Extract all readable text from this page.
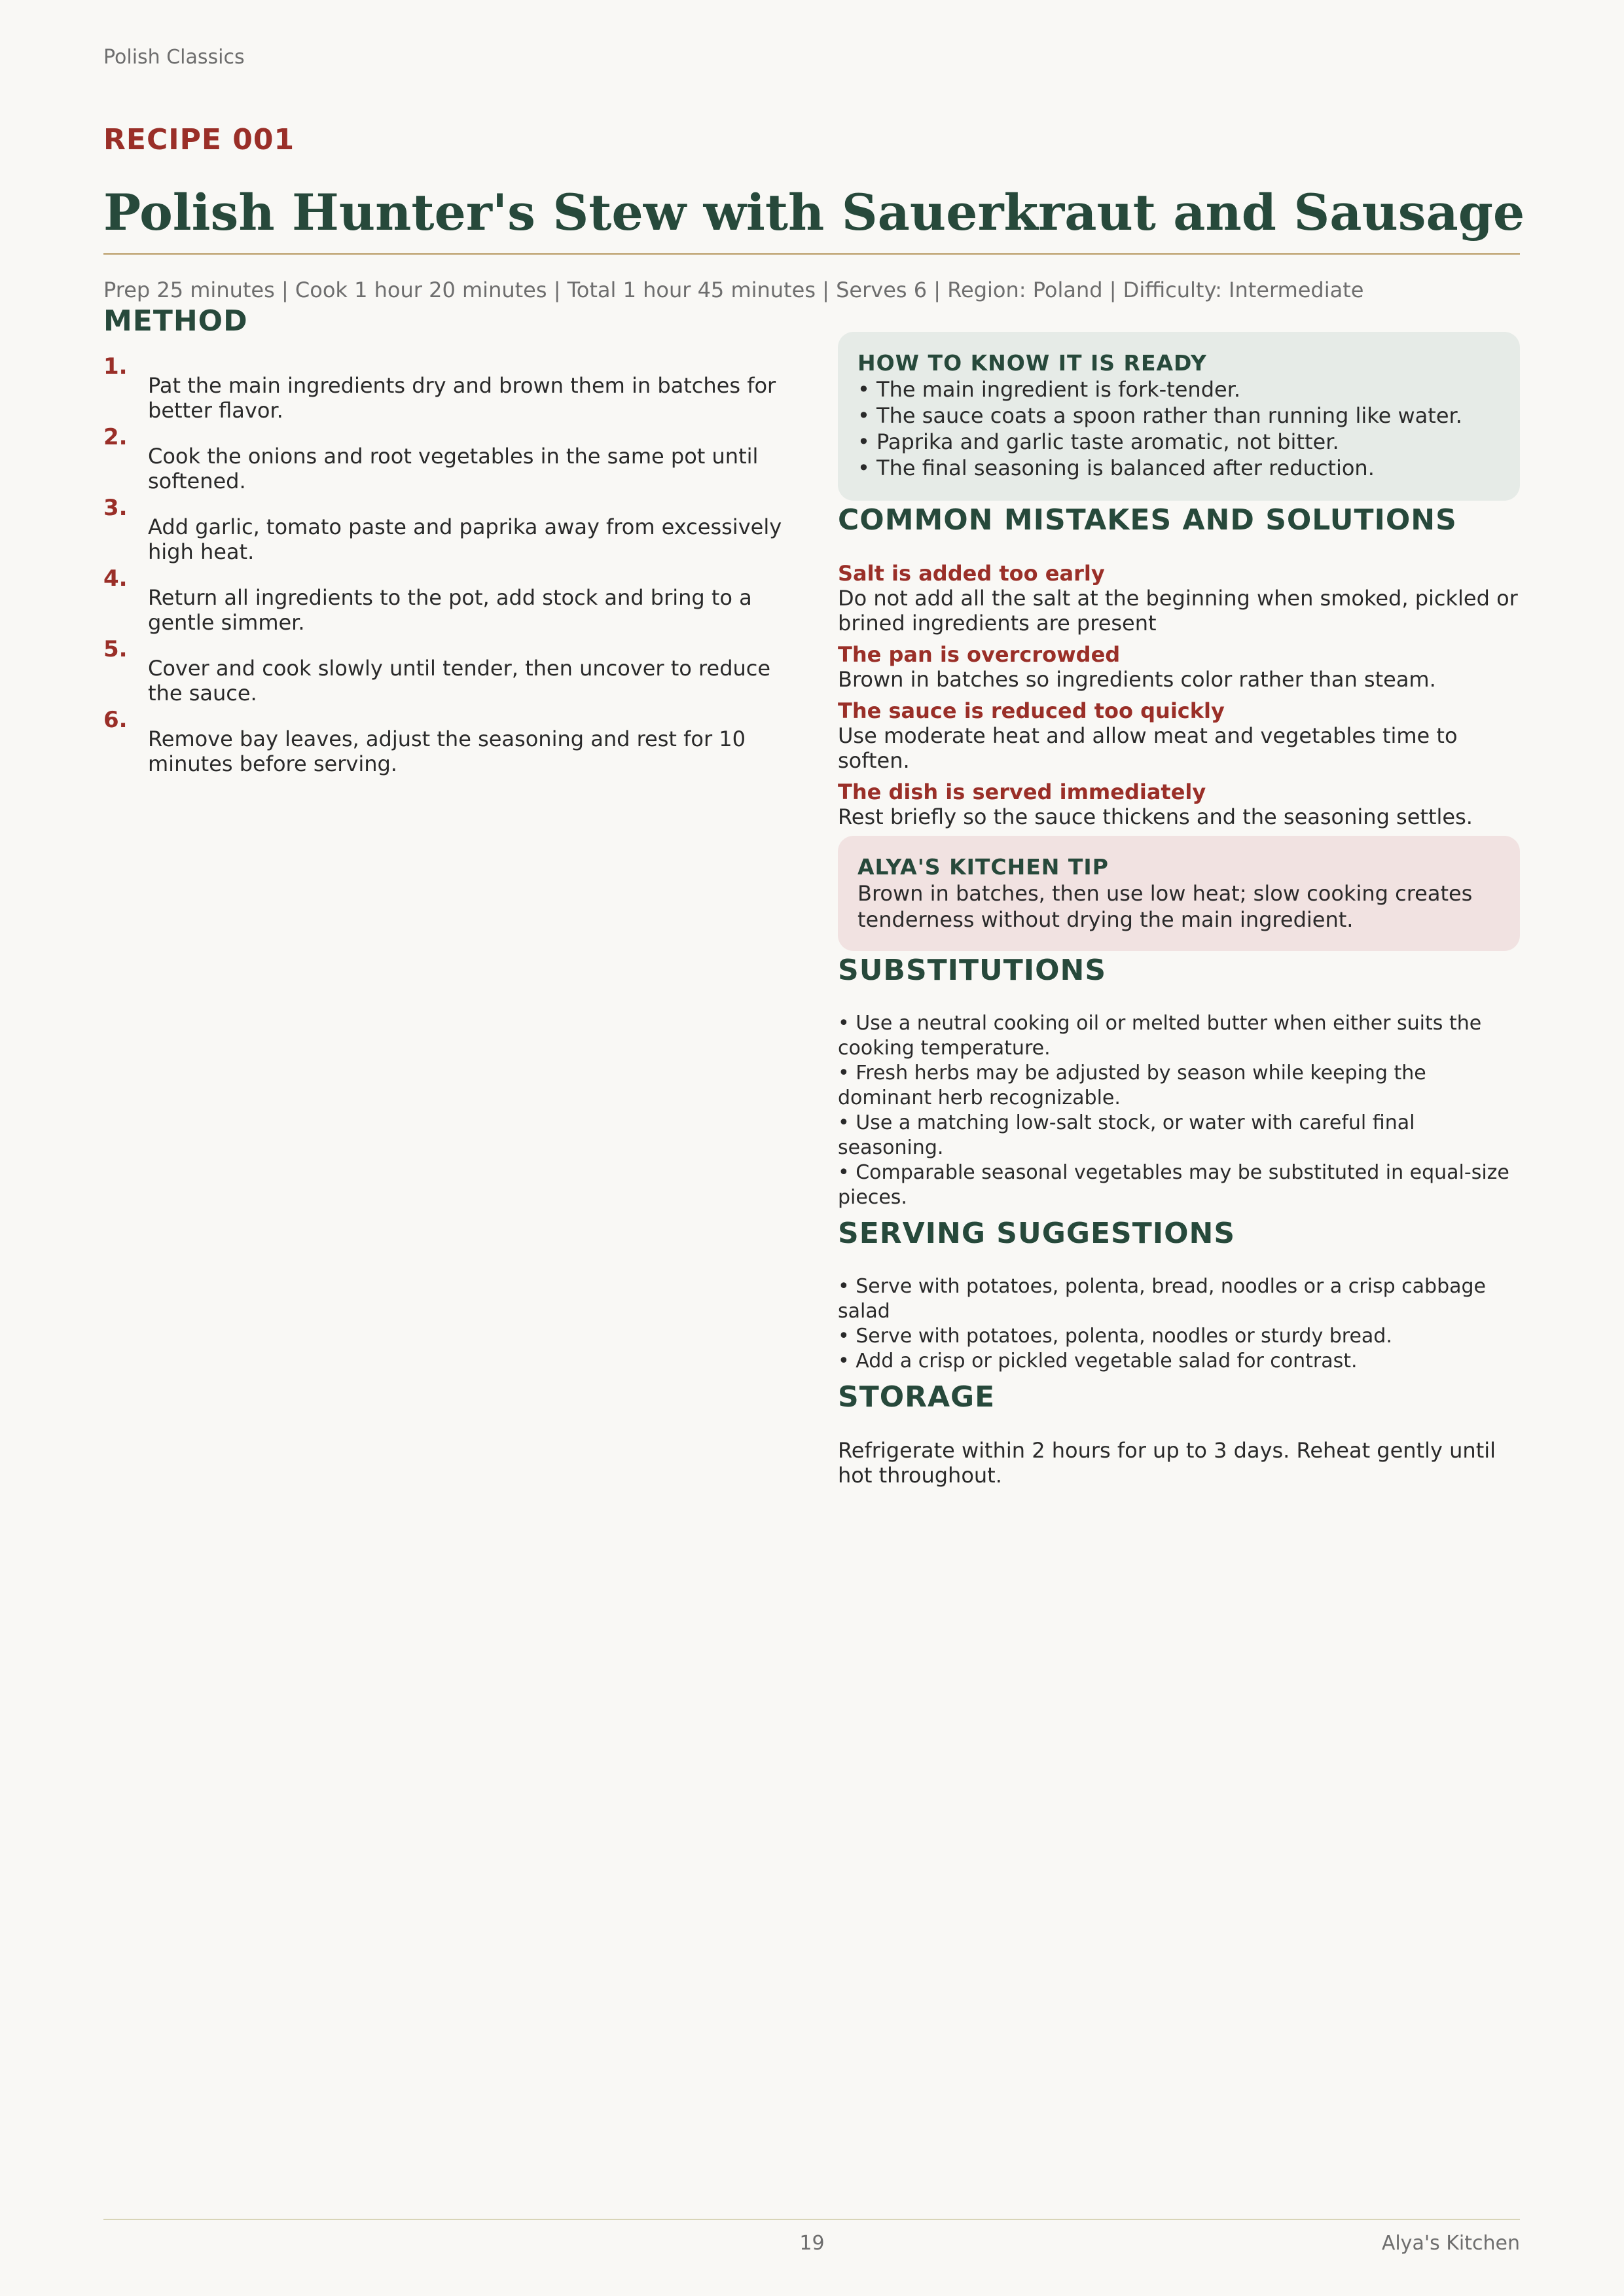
Polish Classics
RECIPE 001
Polish Hunter's Stew with Sauerkraut and Sausage
Prep 25 minutes | Cook 1 hour 20 minutes | Total 1 hour 45 minutes | Serves 6 | Region: Poland | Difficulty: Intermediate
METHOD
1.
Pat the main ingredients dry and brown them in batches for better flavor.
2.
Cook the onions and root vegetables in the same pot until softened.
3.
Add garlic, tomato paste and paprika away from excessively high heat.
4.
Return all ingredients to the pot, add stock and bring to a gentle simmer.
5.
Cover and cook slowly until tender, then uncover to reduce the sauce.
6.
Remove bay leaves, adjust the seasoning and rest for 10 minutes before serving.
HOW TO KNOW IT IS READY
• The main ingredient is fork-tender.
• The sauce coats a spoon rather than running like water.
• Paprika and garlic taste aromatic, not bitter.
• The final seasoning is balanced after reduction.
COMMON MISTAKES AND SOLUTIONS
Salt is added too early
Do not add all the salt at the beginning when smoked, pickled or brined ingredients are present
The pan is overcrowded
Brown in batches so ingredients color rather than steam.
The sauce is reduced too quickly
Use moderate heat and allow meat and vegetables time to soften.
The dish is served immediately
Rest briefly so the sauce thickens and the seasoning settles.
ALYA'S KITCHEN TIP
Brown in batches, then use low heat; slow cooking creates tenderness without drying the main ingredient.
SUBSTITUTIONS
• Use a neutral cooking oil or melted butter when either suits the cooking temperature.
• Fresh herbs may be adjusted by season while keeping the dominant herb recognizable.
• Use a matching low-salt stock, or water with careful final seasoning.
• Comparable seasonal vegetables may be substituted in equal-size pieces.
SERVING SUGGESTIONS
• Serve with potatoes, polenta, bread, noodles or a crisp cabbage salad
• Serve with potatoes, polenta, noodles or sturdy bread.
• Add a crisp or pickled vegetable salad for contrast.
STORAGE
Refrigerate within 2 hours for up to 3 days. Reheat gently until hot throughout.
19	Alya's Kitchen
